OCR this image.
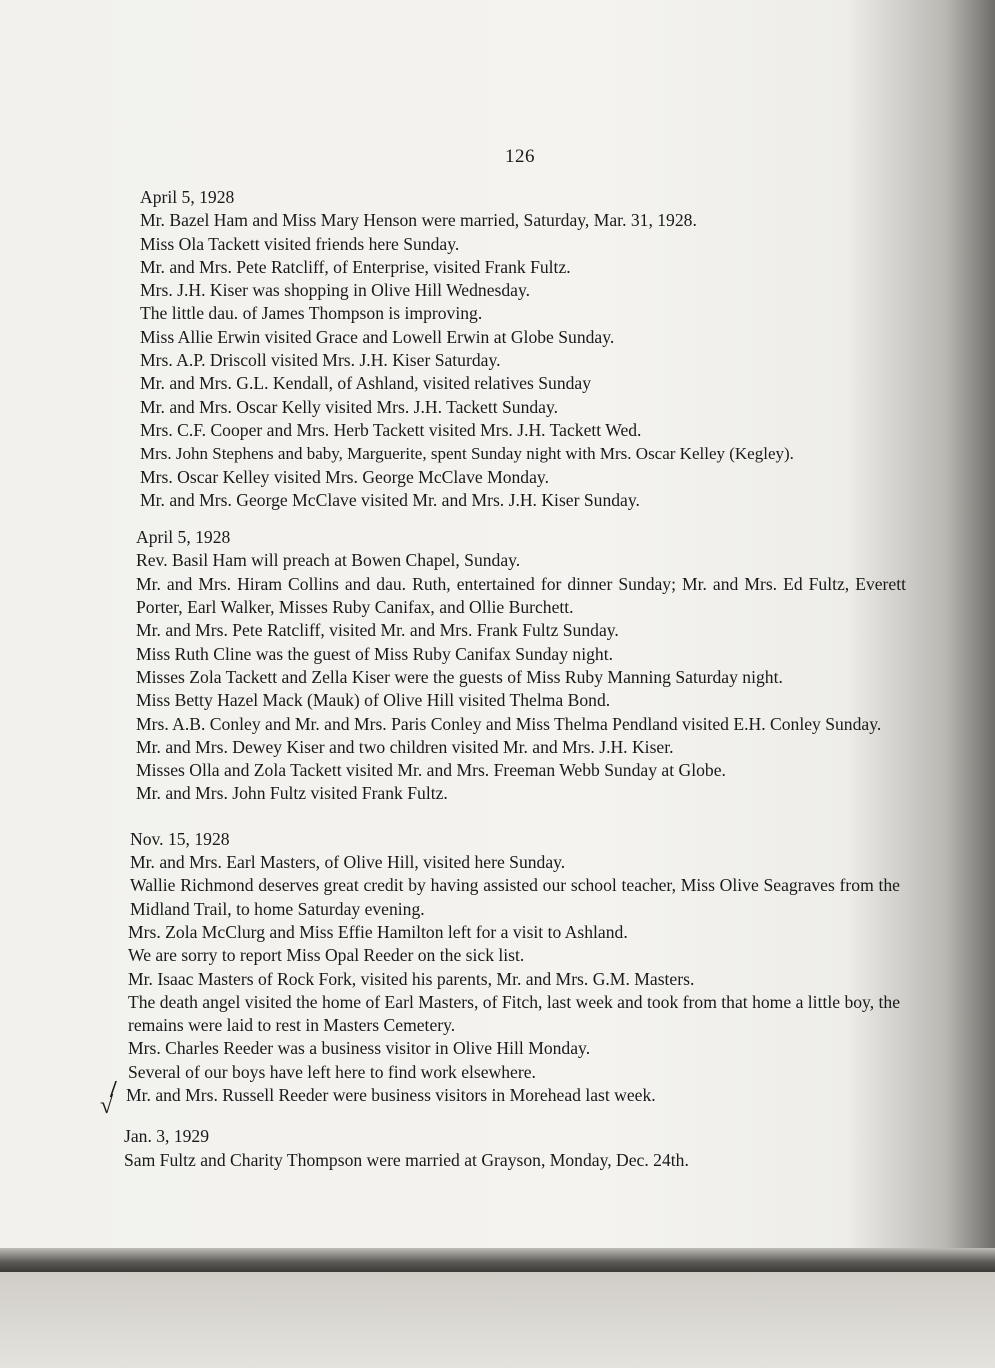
126
April 5, 1928
Mr. Bazel Ham and Miss Mary Henson were married, Saturday, Mar. 31, 1928.
Miss Ola Tackett visited friends here Sunday.
Mr. and Mrs. Pete Ratcliff, of Enterprise, visited Frank Fultz.
Mrs. J.H. Kiser was shopping in Olive Hill Wednesday.
The little dau. of James Thompson is improving.
Miss Allie Erwin visited Grace and Lowell Erwin at Globe Sunday.
Mrs. A.P. Driscoll visited Mrs. J.H. Kiser Saturday.
Mr. and Mrs. G.L. Kendall, of Ashland, visited relatives Sunday
Mr. and Mrs. Oscar Kelly visited Mrs. J.H. Tackett Sunday.
Mrs. C.F. Cooper and Mrs. Herb Tackett visited Mrs. J.H. Tackett Wed.
Mrs. John Stephens and baby, Marguerite, spent Sunday night with Mrs. Oscar Kelley (Kegley).
Mrs. Oscar Kelley visited Mrs. George McClave Monday.
Mr. and Mrs. George McClave visited Mr. and Mrs. J.H. Kiser Sunday.
April 5, 1928
Rev. Basil Ham will preach at Bowen Chapel, Sunday.
Mr. and Mrs. Hiram Collins and dau. Ruth, entertained for dinner Sunday; Mr. and Mrs. Ed Fultz, Everett Porter, Earl Walker, Misses Ruby Canifax, and Ollie Burchett.
Mr. and Mrs. Pete Ratcliff, visited Mr. and Mrs. Frank Fultz Sunday.
Miss Ruth Cline was the guest of Miss Ruby Canifax Sunday night.
Misses Zola Tackett and Zella Kiser were the guests of Miss Ruby Manning Saturday night.
Miss Betty Hazel Mack (Mauk) of Olive Hill visited Thelma Bond.
Mrs. A.B. Conley and Mr. and Mrs. Paris Conley and Miss Thelma Pendland visited E.H. Conley Sunday.
Mr. and Mrs. Dewey Kiser and two children visited Mr. and Mrs. J.H. Kiser.
Misses Olla and Zola Tackett visited Mr. and Mrs. Freeman Webb Sunday at Globe.
Mr. and Mrs. John Fultz visited Frank Fultz.
Nov. 15, 1928
Mr. and Mrs. Earl Masters, of Olive Hill, visited here Sunday.
Wallie Richmond deserves great credit by having assisted our school teacher, Miss Olive Seagraves from the Midland Trail, to home Saturday evening.
Mrs. Zola McClurg and Miss Effie Hamilton left for a visit to Ashland.
We are sorry to report Miss Opal Reeder on the sick list.
Mr. Isaac Masters of Rock Fork, visited his parents, Mr. and Mrs. G.M. Masters.
The death angel visited the home of Earl Masters, of Fitch, last week and took from that home a little boy, the remains were laid to rest in Masters Cemetery.
Mrs. Charles Reeder was a business visitor in Olive Hill Monday.
Several of our boys have left here to find work elsewhere.
Mr. and Mrs. Russell Reeder were business visitors in Morehead last week.
Jan. 3, 1929
Sam Fultz and Charity Thompson were married at Grayson, Monday, Dec. 24th.
/
√
